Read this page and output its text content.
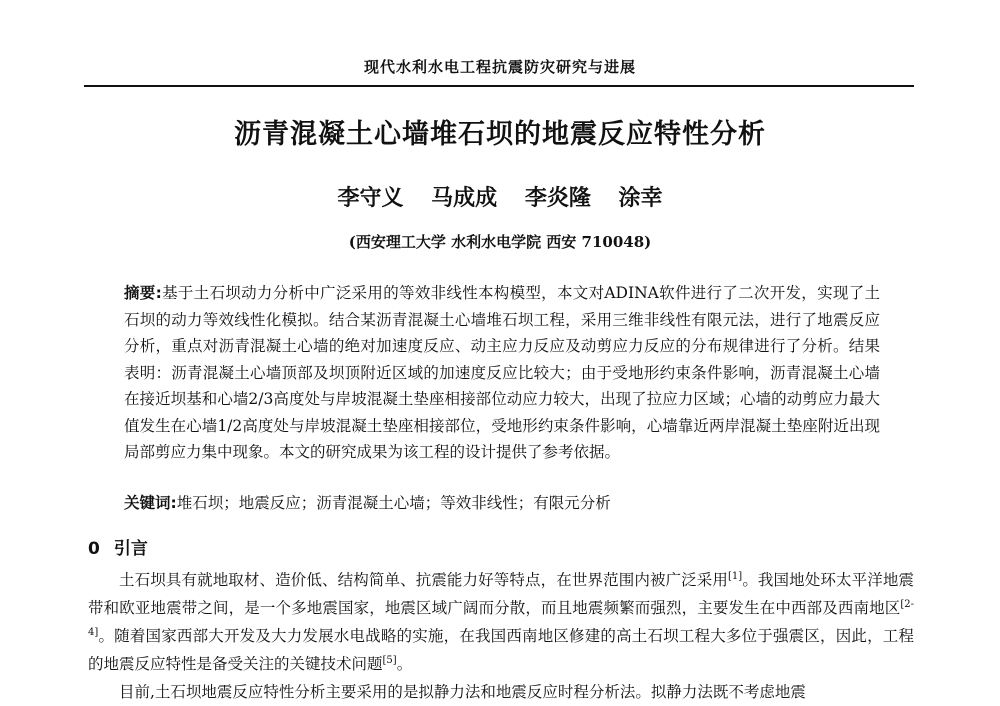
现代水利水电工程抗震防灾研究与进展
沥青混凝土心墙堆石坝的地震反应特性分析
李守义 马成成 李炎隆 涂幸
(西安理工大学 水利水电学院 西安 710048)
摘要:基于土石坝动力分析中广泛采用的等效非线性本构模型，本文对ADINA软件进行了二次开发，实现了土石坝的动力等效线性化模拟。结合某沥青混凝土心墙堆石坝工程，采用三维非线性有限元法，进行了地震反应分析，重点对沥青混凝土心墙的绝对加速度反应、动主应力反应及动剪应力反应的分布规律进行了分析。结果表明：沥青混凝土心墙顶部及坝顶附近区域的加速度反应比较大；由于受地形约束条件影响，沥青混凝土心墙在接近坝基和心墙2/3高度处与岸坡混凝土垫座相接部位动应力较大，出现了拉应力区域；心墙的动剪应力最大值发生在心墙1/2高度处与岸坡混凝土垫座相接部位，受地形约束条件影响，心墙靠近两岸混凝土垫座附近出现局部剪应力集中现象。本文的研究成果为该工程的设计提供了参考依据。
关键词:堆石坝；地震反应；沥青混凝土心墙；等效非线性；有限元分析
0 引言

土石坝具有就地取材、造价低、结构简单、抗震能力好等特点，在世界范围内被广泛采用[1]。我国地处环太平洋地震带和欧亚地震带之间，是一个多地震国家，地震区域广阔而分散，而且地震频繁而强烈，主要发生在中西部及西南地区[2-4]。随着国家西部大开发及大力发展水电战略的实施，在我国西南地区修建的高土石坝工程大多位于强震区，因此，工程的地震反应特性是备受关注的关键技术问题[5]。

目前,土石坝地震反应特性分析主要采用的是拟静力法和地震反应时程分析法。拟静力法既不考虑地震
